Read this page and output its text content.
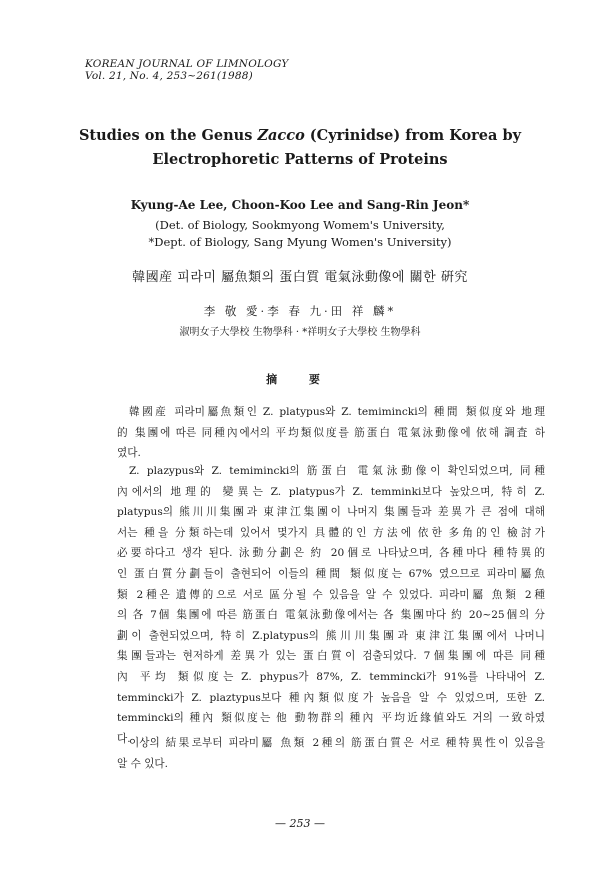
KOREAN JOURNAL OF LIMNOLOGY
Vol. 21, No. 4, 253~261(1988)
Studies on the Genus Zacco (Cyrinidse) from Korea by
Electrophoretic Patterns of Proteins
Kyung-Ae Lee, Choon-Koo Lee and Sang-Rin Jeon*
(Det. of Biology, Sookmyong Womem's University,
*Dept. of Biology, Sang Myung Women's University)
韓國産 피라미 屬魚類의 蛋白質 電氣泳動像에 關한 硏究
李 敬 愛·李 春 九·田 祥 麟*
淑明女子大學校 生物學科 · *祥明女子大學校 生物學科
摘 要
韓國産 피라미屬魚類인 Z. platypus와 Z. temimincki의 種間 類似度와 地理
的 集團에 따른 同種內에서의 平均類似度를 筋蛋白 電氣泳動像에 依해 調査 하
였다.
Z. plazypus와 Z. temimincki의 筋蛋白 電氣泳動像이 확인되었으며, 同種
內에서의 地理的 變異는 Z. platypus가 Z. temminki보다 높았으며, 特히 Z.
platypus의 熊川川集團과 東津江集團이 나머지 集團들과 差異가 큰 점에 대해
서는 種을 分類하는데 있어서 몇가지 具體的인 方法에 依한 多角的인 檢討가
必要하다고 생각 된다. 泳動分劃은 約 20個로 나타났으며, 各種마다 種特異的
인 蛋白質分劃들이 출현되어 이들의 種間 類似度는 67% 였으므로 피라미屬魚
類 2種은 遺傳的으로 서로 區分될 수 있음을 알 수 있었다. 피라미屬 魚類 2種
의 各 7個 集團에 따른 筋蛋白 電氣泳動像에서는 各 集團마다 約 20~25個의 分
劃이 출현되었으며, 特히 Z.platypus의 熊川川集團과 東津江集團에서 나머니
集團들과는 현저하게 差異가 있는 蛋白質이 검출되었다. 7個集團에 따른 同種
內 平均 類似度는 Z. phypus가 87%, Z. temmincki가 91%를 나타내어 Z.
temmincki가 Z. plaztypus보다 種內類似度가 높음을 알 수 있었으며, 또한 Z.
temmincki의 種內 類似度는 他 動物群의 種內 平均近緣値와도 거의 一致하였
다.
이상의 結果로부터 피라미屬 魚類 2種의 筋蛋白質은 서로 種特異性이 있음을
알 수 있다.
— 253 —
